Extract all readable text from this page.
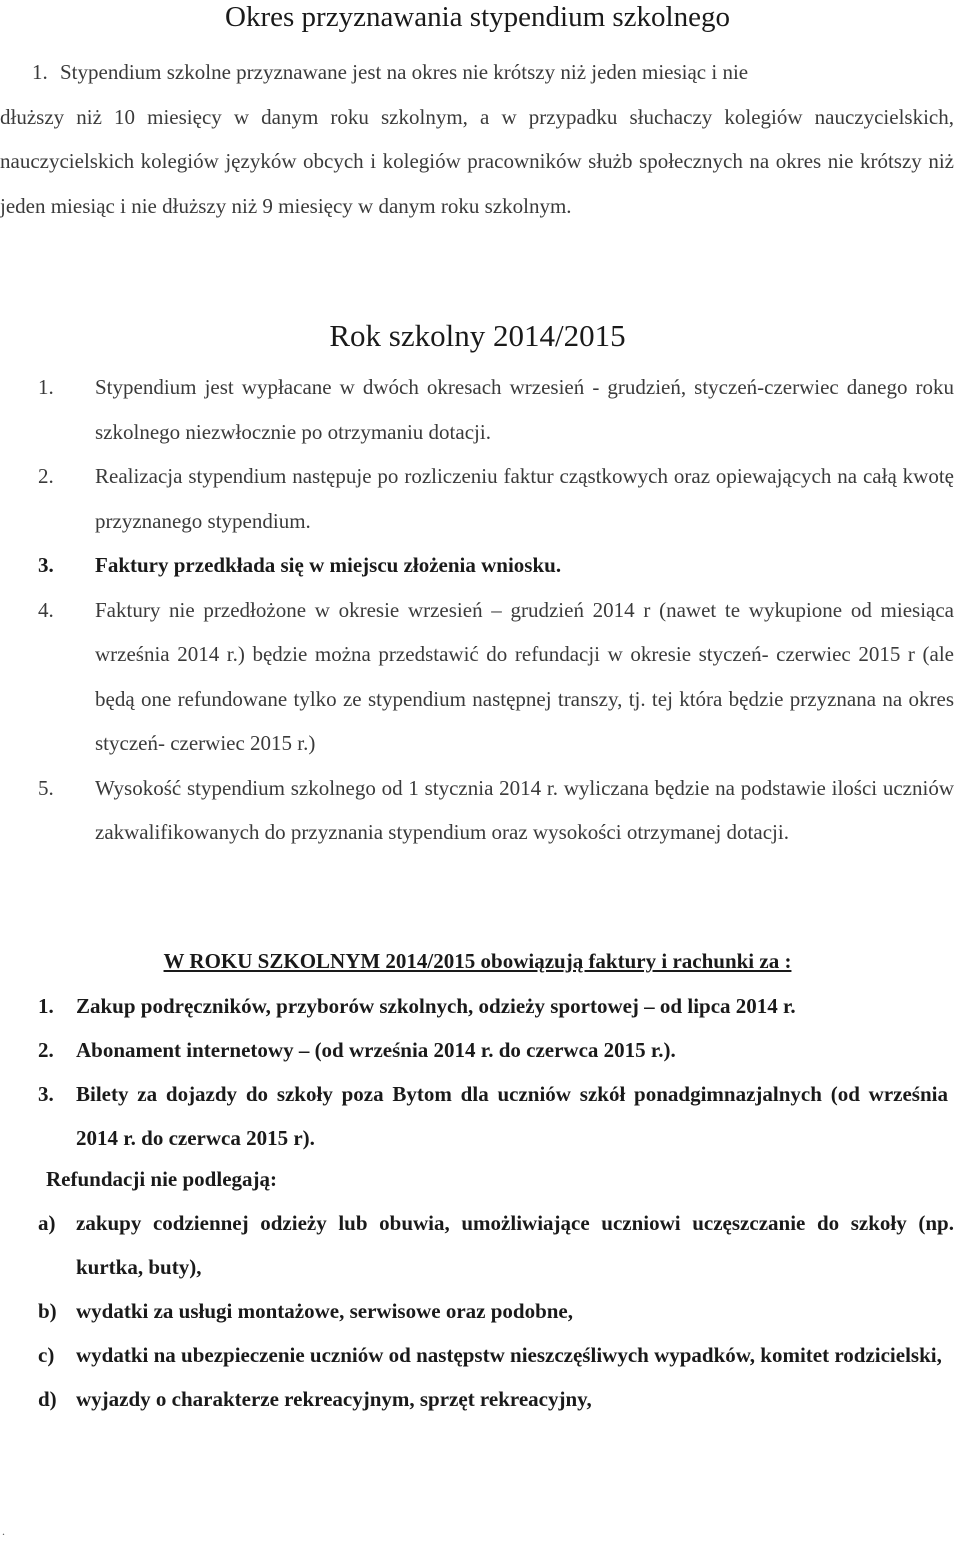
Okres przyznawania stypendium szkolnego
1. Stypendium szkolne przyznawane jest na okres nie krótszy niż jeden miesiąc i nie
dłuższy niż 10 miesięcy w danym roku szkolnym, a w przypadku słuchaczy kolegiów nauczycielskich, nauczycielskich kolegiów języków obcych i kolegiów pracowników służb społecznych na okres nie krótszy niż jeden miesiąc i nie dłuższy niż 9 miesięcy w danym roku szkolnym.
Rok szkolny 2014/2015
1. Stypendium jest wypłacane w dwóch okresach wrzesień - grudzień, styczeń-czerwiec danego roku szkolnego niezwłocznie po otrzymaniu dotacji.
2. Realizacja stypendium następuje po rozliczeniu faktur cząstkowych oraz opiewających na całą kwotę przyznanego stypendium.
3. Faktury przedkłada się w miejscu złożenia wniosku.
4. Faktury nie przedłożone w okresie wrzesień – grudzień 2014 r (nawet te wykupione od miesiąca września 2014 r.) będzie można przedstawić do refundacji w okresie styczeń- czerwiec 2015 r (ale będą one refundowane tylko ze stypendium następnej transzy, tj. tej która będzie przyznana na okres styczeń- czerwiec 2015 r.)
5. Wysokość stypendium szkolnego od 1 stycznia 2014 r. wyliczana będzie na podstawie ilości uczniów zakwalifikowanych do przyznania stypendium oraz wysokości otrzymanej dotacji.
W ROKU SZKOLNYM 2014/2015 obowiązują faktury i rachunki za :
1. Zakup podręczników, przyborów szkolnych, odzieży sportowej – od lipca 2014 r.
2. Abonament internetowy – (od września 2014 r. do czerwca 2015 r.).
3. Bilety za dojazdy do szkoły poza Bytom dla uczniów szkół ponadgimnazjalnych (od września 2014 r. do czerwca 2015 r).
Refundacji nie podlegają:
a) zakupy codziennej odzieży lub obuwia, umożliwiające uczniowi uczęszczanie do szkoły (np. kurtka, buty),
b) wydatki za usługi montażowe, serwisowe oraz podobne,
c) wydatki na ubezpieczenie uczniów od następstw nieszczęśliwych wypadków, komitet rodzicielski,
d) wyjazdy o charakterze rekreacyjnym, sprzęt rekreacyjny,
.
